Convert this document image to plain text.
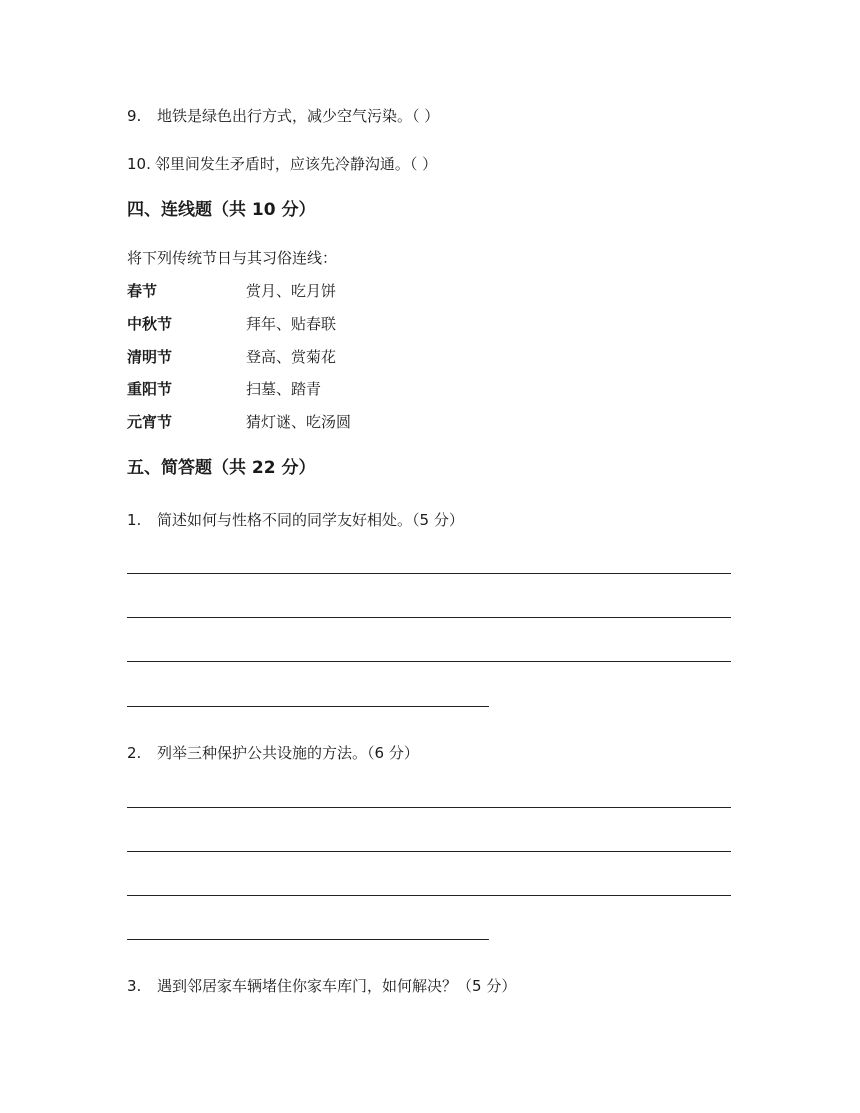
9. 地铁是绿色出行方式，减少空气污染。（ ）
10. 邻里间发生矛盾时，应该先冷静沟通。（ ）
四、连线题（共 10 分）
将下列传统节日与其习俗连线：
春节	赏月、吃月饼
中秋节	拜年、贴春联
清明节	登高、赏菊花
重阳节	扫墓、踏青
元宵节	猜灯谜、吃汤圆
五、简答题（共 22 分）
1. 简述如何与性格不同的同学友好相处。（5 分）
2. 列举三种保护公共设施的方法。（6 分）
3. 遇到邻居家车辆堵住你家车库门，如何解决？（5 分）
